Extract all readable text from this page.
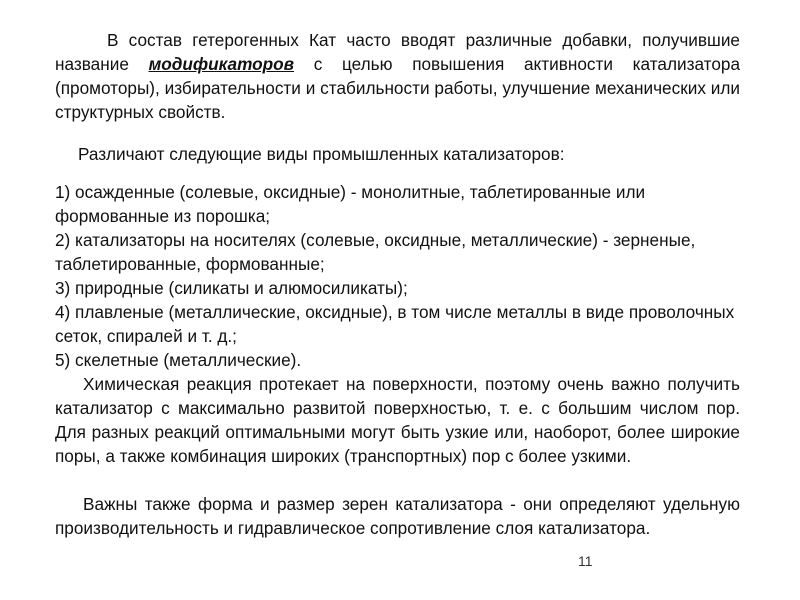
В состав гетерогенных Кат часто вводят различные добавки, получившие название модификаторов с целью повышения активности катализатора (промоторы), избирательности и стабильности работы, улучшение механических или структурных свойств.
Различают следующие виды промышленных катализаторов:
1) осажденные (солевые, оксидные) - монолитные, таблетированные или формованные из порошка;
2) катализаторы на носителях (солевые, оксидные, металлические) - зерненые, таблетированные, формованные;
3) природные (силикаты и алюмосиликаты);
4) плавленые (металлические, оксидные), в том числе металлы в виде проволочных сеток, спиралей и т. д.;
5) скелетные (металлические).
Химическая реакция протекает на поверхности, поэтому очень важно получить катализатор с максимально развитой поверхностью, т. е. с большим числом пор. Для разных реакций оптимальными могут быть узкие или, наоборот, более широкие поры, а также комбинация широких (транспортных) пор с более узкими.
Важны также форма и размер зерен катализатора - они определяют удельную производительность и гидравлическое сопротивление слоя катализатора.
11
